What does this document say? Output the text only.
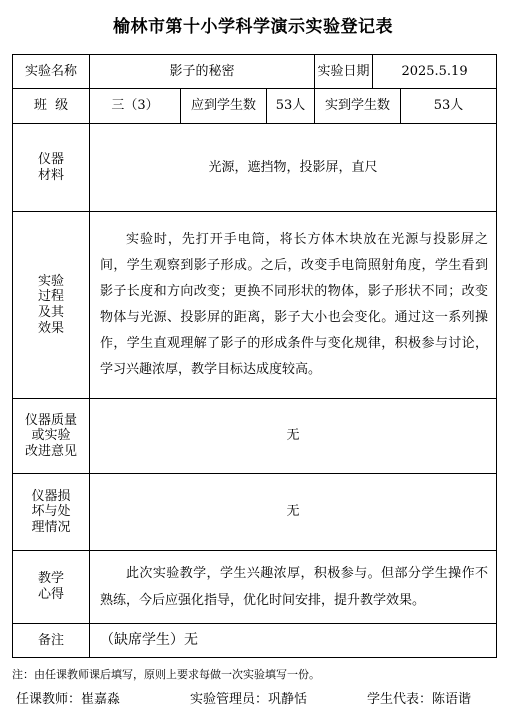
榆林市第十小学科学演示实验登记表
实验名称	影子的秘密			实验日期	2025.5.19	
班  级	三（3）	应到学生数	53人	实到学生数		53人

仪器
材料	光源，遮挡物，投影屏，直尺					

实验
过程
及其
效果	实验时，先打开手电筒，将长方体木块放在光源与投影屏之间，学生观察到影子形成。之后，改变手电筒照射角度，学生看到影子长度和方向改变；更换不同形状的物体，影子形状不同；改变物体与光源、投影屏的距离，影子大小也会变化。通过这一系列操作，学生直观理解了影子的形成条件与变化规律，积极参与讨论，学习兴趣浓厚，教学目标达成度较高。					

仪器质量
或实验
改进意见	无					

仪器损
坏与处
理情况	无					

教学
心得	此次实验教学，学生兴趣浓厚，积极参与。但部分学生操作不熟练，今后应强化指导，优化时间安排，提升教学效果。					

备注	（缺席学生）无					
注：由任课教师课后填写，原则上要求每做一次实验填写一份。
任课教师：崔嘉淼	实验管理员：巩静恬	学生代表：陈语谐
